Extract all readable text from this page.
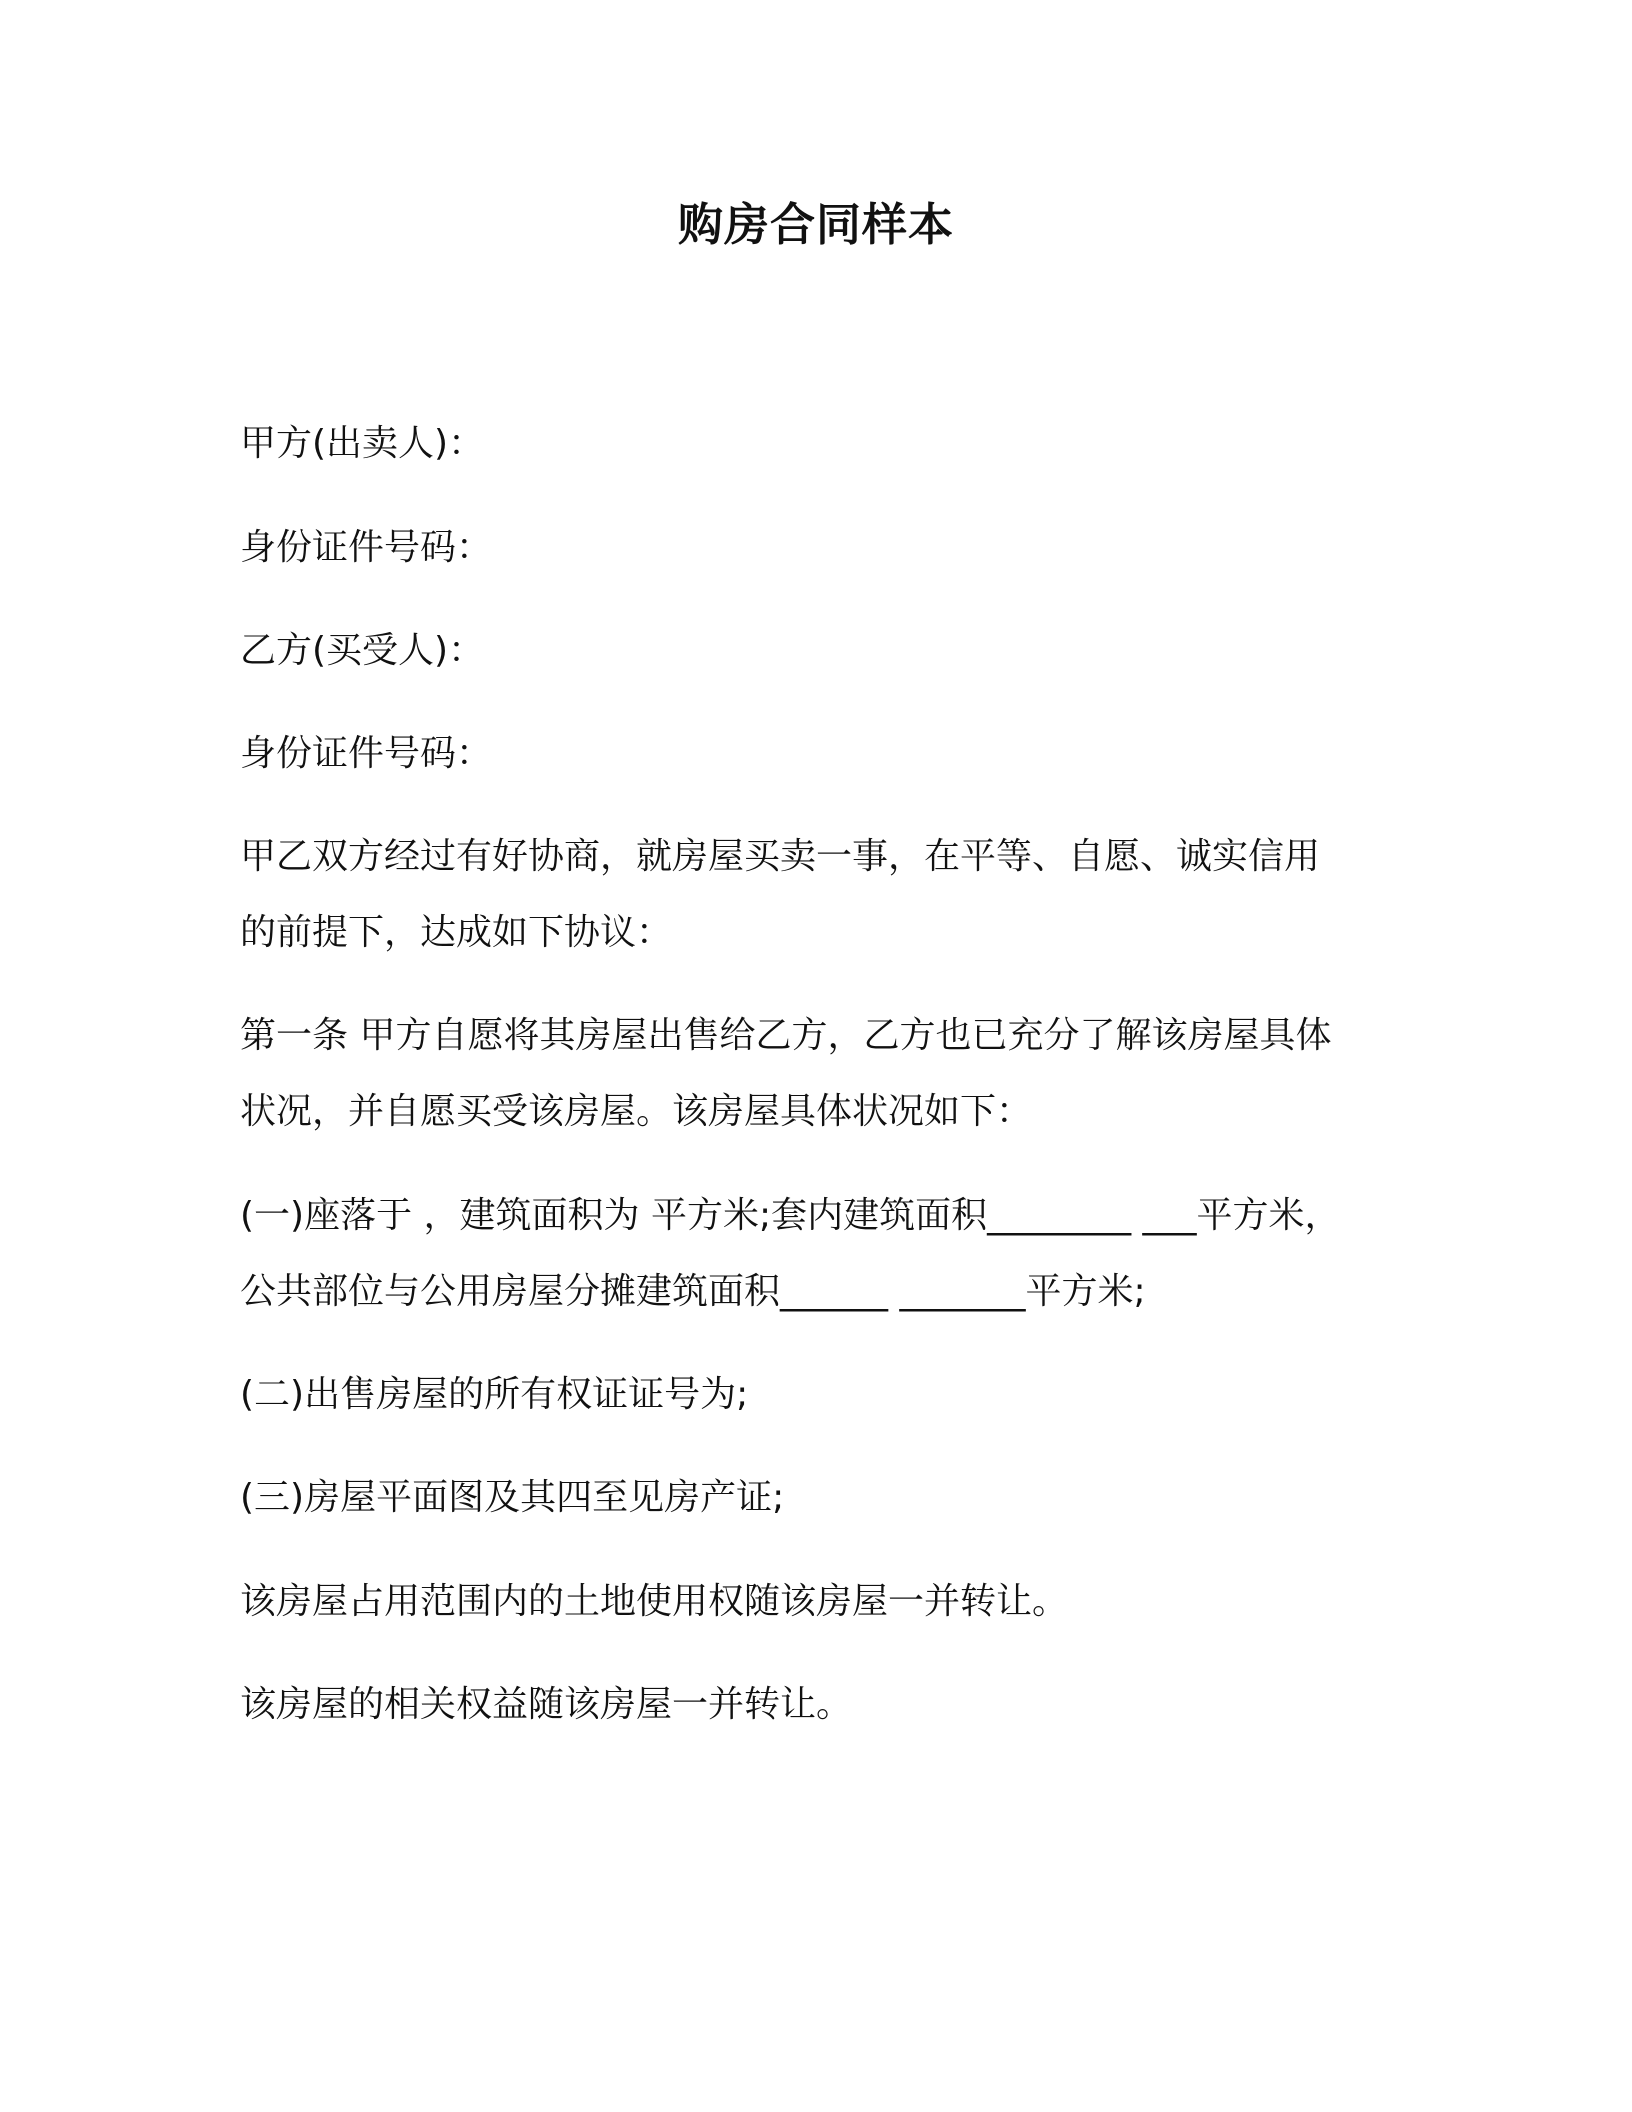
购房合同样本
甲方(出卖人)：
身份证件号码：
乙方(买受人)：
身份证件号码：
甲乙双方经过有好协商，就房屋买卖一事，在平等、自愿、诚实信用
的前提下，达成如下协议：
第一条 甲方自愿将其房屋出售给乙方，乙方也已充分了解该房屋具体
状况，并自愿买受该房屋。该房屋具体状况如下：
(一)座落于 ，建筑面积为 平方米;套内建筑面积________ ___平方米，
公共部位与公用房屋分摊建筑面积______ _______平方米;
(二)出售房屋的所有权证证号为;
(三)房屋平面图及其四至见房产证;
该房屋占用范围内的土地使用权随该房屋一并转让。
该房屋的相关权益随该房屋一并转让。
